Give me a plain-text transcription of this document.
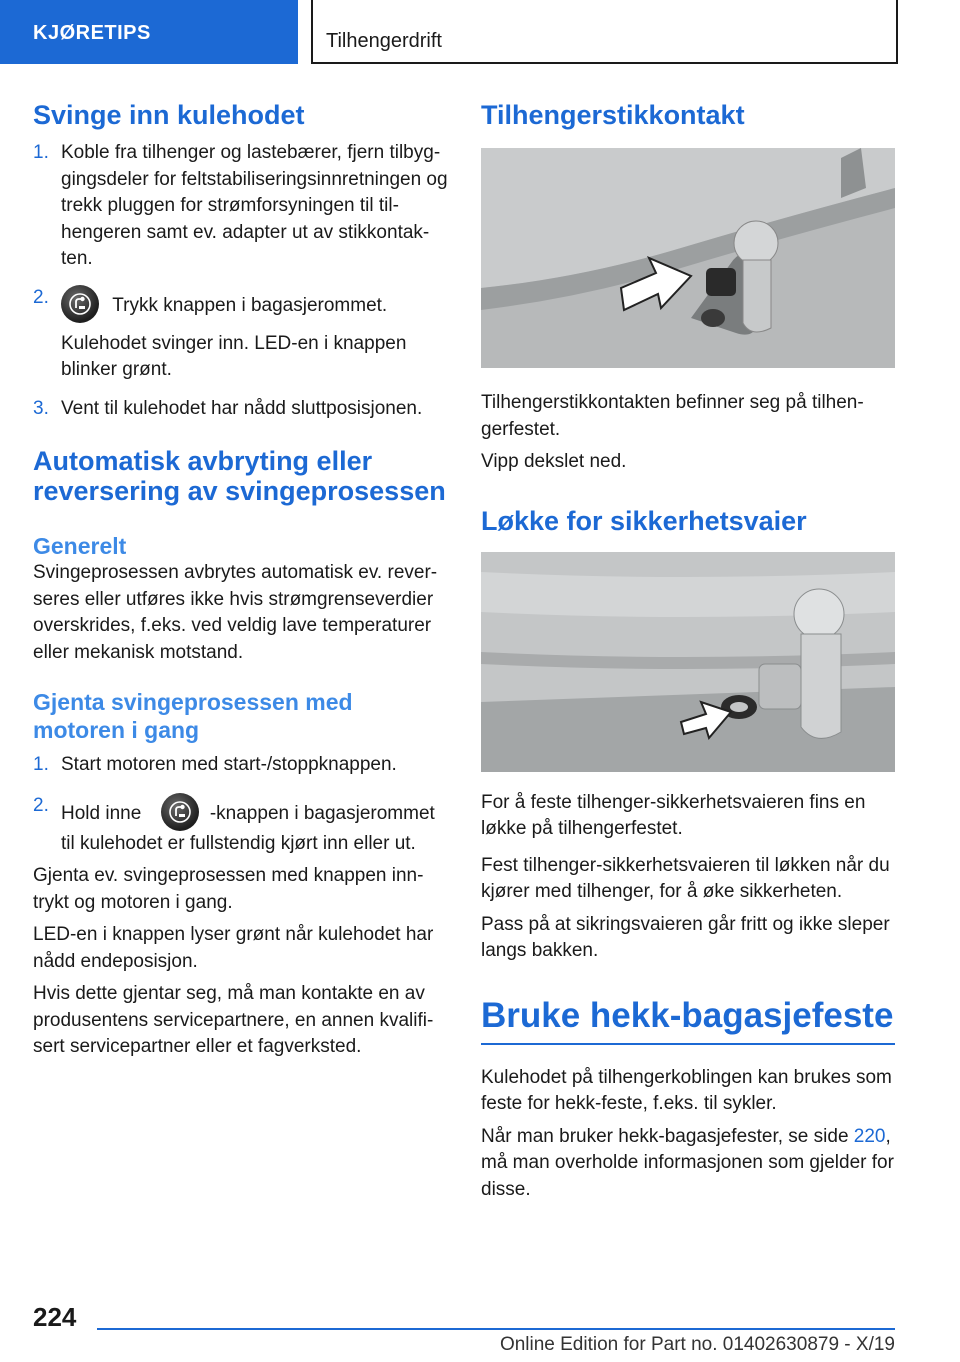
KJØRETIPS	Tilhengerdrift
Svinge inn kulehodet
1. Koble fra tilhenger og lastebærer, fjern tilbyggingsdeler for feltstabiliseringsinnretningen og trekk pluggen for strømforsyningen til tilhengeren samt ev. adapter ut av stikkontakten.

2.	Trykk knappen i bagasjerommet.

Kulehodet svinger inn. LED-en i knappen blinker grønt.

3. Vent til kulehodet har nådd sluttposisjonen.

Automatisk avbryting eller reversering av svingeprosessen
Generelt

Svingeprosessen avbrytes automatisk ev. reverseres eller utføres ikke hvis strømgrenseverdier overskrides, f.eks. ved veldig lave temperaturer eller mekanisk motstand.

Gjenta svingeprosessen med motoren i gang
1. Start motoren med start-/stoppknappen.

2. Hold inne	-knappen i bagasjerommet til kulehodet er fullstendig kjørt inn eller ut.

Gjenta ev. svingeprosessen med knappen inntrykt og motoren i gang.

LED-en i knappen lyser grønt når kulehodet har nådd endeposisjon.

Hvis dette gjentar seg, må man kontakte en av produsentens servicepartnere, en annen kvalifisert servicepartner eller et fagverksted.

Tilhengerstikkontakt

Tilhengerstikkontakten befinner seg på tilhengerfestet.

Vipp dekslet ned.

Løkke for sikkerhetsvaier

For å feste tilhenger-sikkerhetsvaieren fins en løkke på tilhengerfestet.

Fest tilhenger-sikkerhetsvaieren til løkken når du kjører med tilhenger, for å øke sikkerheten.

Pass på at sikringsvaieren går fritt og ikke sleper langs bakken.

Bruke hekk-bagasjefeste

Kulehodet på tilhengerkoblingen kan brukes som feste for hekk-feste, f.eks. til sykler.

Når man bruker hekk-bagasjefester, se side 220, må man overholde informasjonen som gjelder for disse.

224
Online Edition for Part no. 01402630879 - X/19
